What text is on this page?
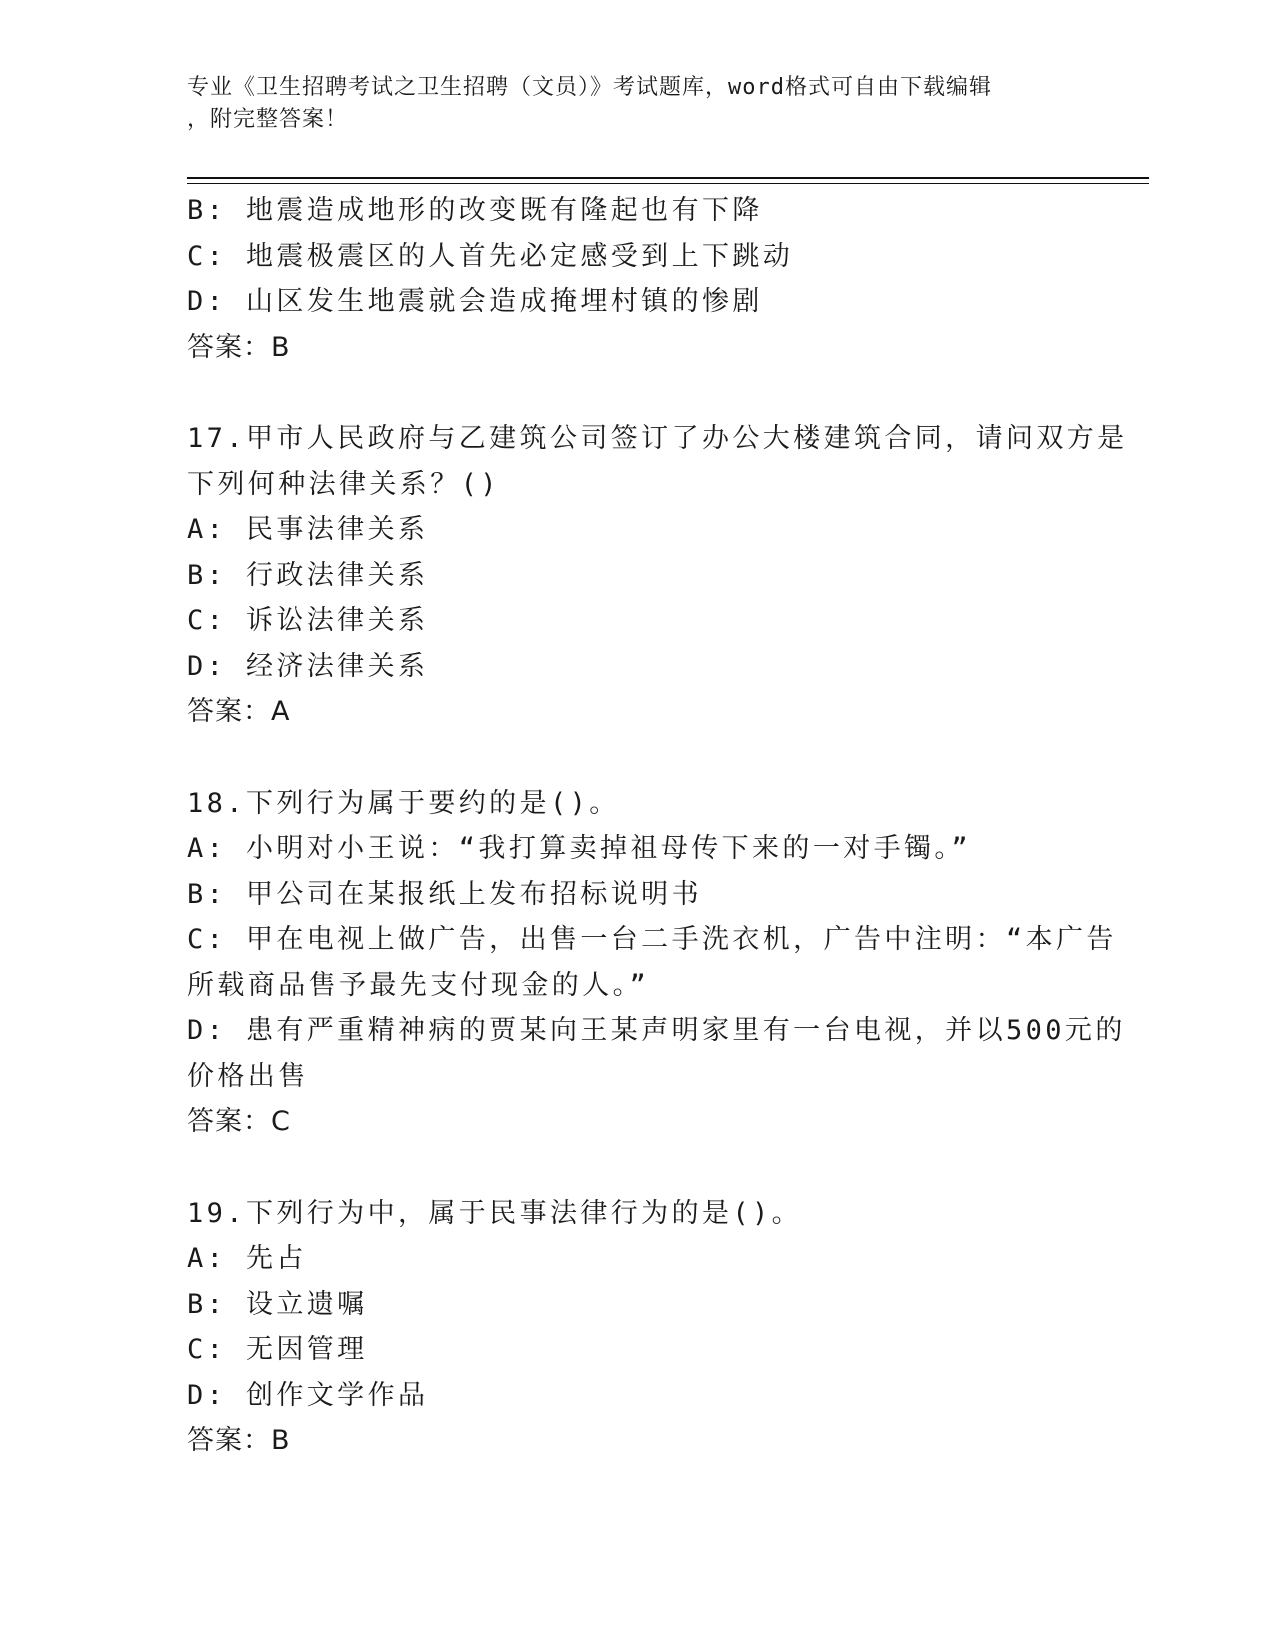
专业《卫生招聘考试之卫生招聘（文员）》考试题库，word格式可自由下载编辑
，附完整答案！
B: 地震造成地形的改变既有隆起也有下降
C: 地震极震区的人首先必定感受到上下跳动
D: 山区发生地震就会造成掩埋村镇的惨剧
答案：B
17.甲市人民政府与乙建筑公司签订了办公大楼建筑合同，请问双方是
下列何种法律关系？()
A: 民事法律关系
B: 行政法律关系
C: 诉讼法律关系
D: 经济法律关系
答案：A
18.下列行为属于要约的是()。
A: 小明对小王说：“我打算卖掉祖母传下来的一对手镯。”
B: 甲公司在某报纸上发布招标说明书
C: 甲在电视上做广告，出售一台二手洗衣机，广告中注明：“本广告
所载商品售予最先支付现金的人。”
D: 患有严重精神病的贾某向王某声明家里有一台电视，并以500元的
价格出售
答案：C
19.下列行为中，属于民事法律行为的是()。
A: 先占
B: 设立遗嘱
C: 无因管理
D: 创作文学作品
答案：B
